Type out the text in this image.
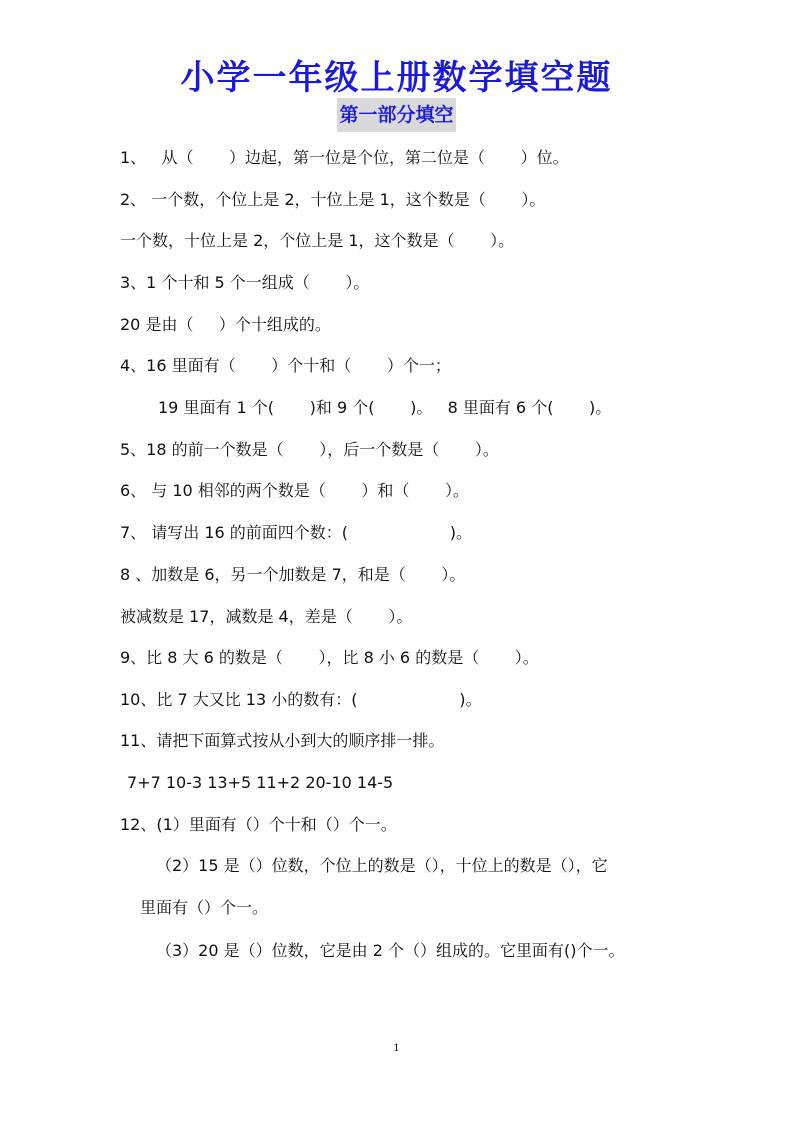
小学一年级上册数学填空题
第一部分填空
1、   从（       ）边起，第一位是个位，第二位是（       ）位。
2、 一个数，个位上是 2，十位上是 1，这个数是（       ）。
一个数，十位上是 2，个位上是 1，这个数是（       ）。
3、1 个十和 5 个一组成（       ）。
20 是由（     ）个十组成的。
4、16 里面有（       ）个十和（       ）个一；
19 里面有 1 个(       )和 9 个(       )。   8 里面有 6 个(       )。
5、18 的前一个数是（       ），后一个数是（       ）。
6、 与 10 相邻的两个数是（       ）和（       ）。
7、 请写出 16 的前面四个数：(                    )。
8 、加数是 6，另一个加数是 7，和是（       ）。
被减数是 17，减数是 4，差是（       ）。
9、比 8 大 6 的数是（       ），比 8 小 6 的数是（       ）。
10、比 7 大又比 13 小的数有：(                    )。
11、请把下面算式按从小到大的顺序排一排。
7+7 10-3 13+5 11+2 20-10 14-5
12、(1）里面有（）个十和（）个一。
（2）15 是（）位数，个位上的数是（），十位上的数是（），它
里面有（）个一。
（3）20 是（）位数，它是由 2 个（）组成的。它里面有()个一。
1
